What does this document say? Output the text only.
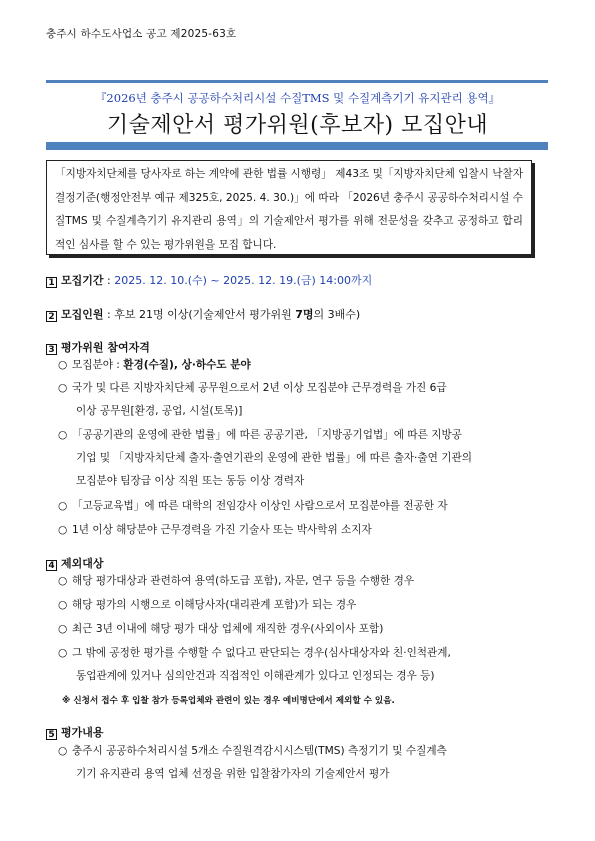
충주시 하수도사업소 공고 제2025-63호
『2026년 충주시 공공하수처리시설 수질TMS 및 수질계측기기 유지관리 용역』
기술제안서 평가위원(후보자) 모집안내
「지방자치단체를 당사자로 하는 계약에 관한 법률 시행령」 제43조 및「지방자치단체 입찰시 낙찰자 결정기준(행정안전부 예규 제325호, 2025. 4. 30.)」에 따라 「2026년 충주시 공공하수처리시설 수질TMS 및 수질계측기기 유지관리 용역」의 기술제안서 평가를 위해 전문성을 갖추고 공정하고 합리적인 심사를 할 수 있는 평가위원을 모집 합니다.
1 모집기간 : 2025. 12. 10.(수) ~ 2025. 12. 19.(금) 14:00까지
2 모집인원 : 후보 21명 이상(기술제안서 평가위원 7명의 3배수)
3 평가위원 참여자격
○ 모집분야 : 환경(수질), 상·하수도 분야
○ 국가 및 다른 지방자치단체 공무원으로서 2년 이상 모집분야 근무경력을 가진 6급
이상 공무원[환경, 공업, 시설(토목)]
○ 「공공기관의 운영에 관한 법률」에 따른 공공기관, 「지방공기업법」에 따른 지방공
기업 및 「지방자치단체 출자·출연기관의 운영에 관한 법률」에 따른 출자·출연 기관의
모집분야 팀장급 이상 직원 또는 동등 이상 경력자
○ 「고등교육법」에 따른 대학의 전임강사 이상인 사람으로서 모집분야를 전공한 자
○ 1년 이상 해당분야 근무경력을 가진 기술사 또는 박사학위 소지자
4 제외대상
○ 해당 평가대상과 관련하여 용역(하도급 포함), 자문, 연구 등을 수행한 경우
○ 해당 평가의 시행으로 이해당사자(대리관계 포함)가 되는 경우
○ 최근 3년 이내에 해당 평가 대상 업체에 재직한 경우(사외이사 포함)
○ 그 밖에 공정한 평가를 수행할 수 없다고 판단되는 경우(심사대상자와 친·인척관계,
동업관계에 있거나 심의안건과 직접적인 이해관계가 있다고 인정되는 경우 등)
※ 신청서 접수 후 입찰 참가 등록업체와 관련이 있는 경우 예비명단에서 제외할 수 있음.
5 평가내용
○ 충주시 공공하수처리시설 5개소 수질원격감시시스템(TMS) 측정기기 및 수질계측
기기 유지관리 용역 업체 선정을 위한 입찰참가자의 기술제안서 평가
